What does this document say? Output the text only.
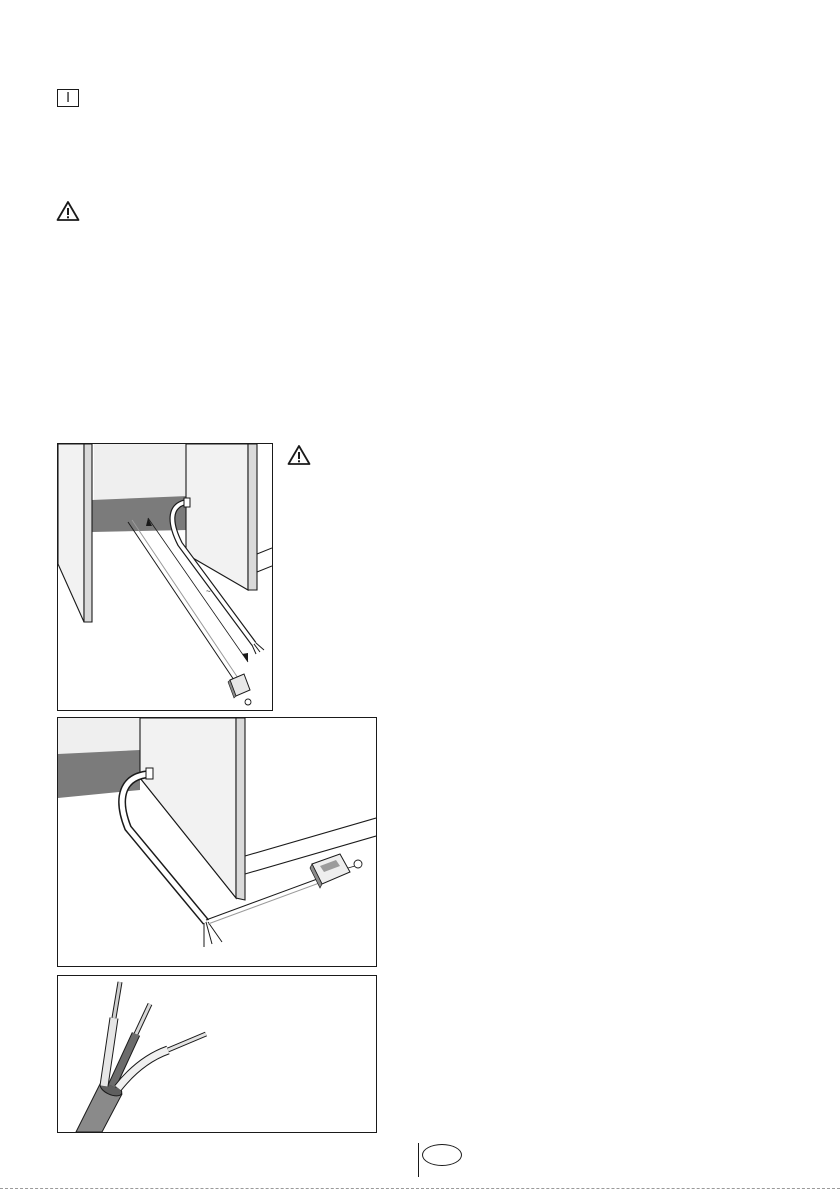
I
~
